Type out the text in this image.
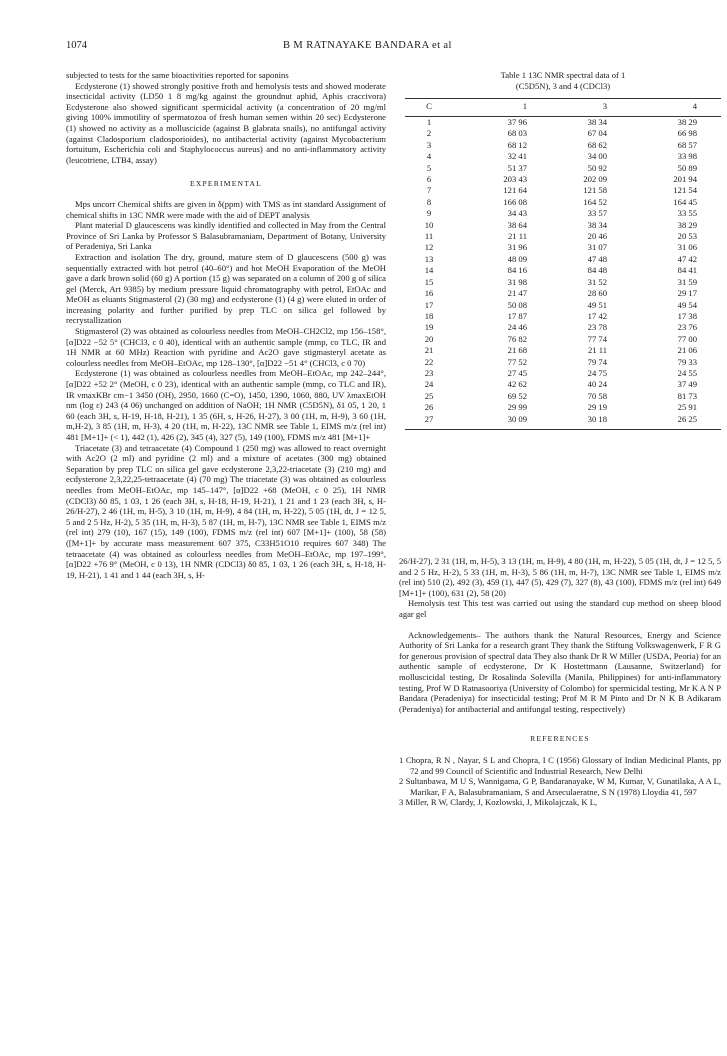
1074	B M RATNAYAKE BANDARA et al

subjected to tests for the same bioactivities reported for saponins

Ecdysterone (1) showed strongly positive froth and hemolysis tests and showed moderate insecticidal activity (LD50 1 8 mg/kg against the groundnut aphid, Aphis craccivora) Ecdysterone also showed significant spermicidal activity (a concentration of 20 mg/ml giving 100% immotility of spermatozoa of fresh human semen within 20 sec) Ecdysterone (1) showed no activity as a molluscicide (against B glabrata snails), no antifungal activity (against Cladosporium cladosporioides), no antibacterial activity (against Mycobacterium fortuitum, Escherichia coli and Staphylococcus aureus) and no anti-inflammatory activity (leucotriene, LTB4, assay)

EXPERIMENTAL

Mps uncorr Chemical shifts are given in δ(ppm) with TMS as int standard Assignment of chemical shifts in 13C NMR were made with the aid of DEPT analysis

Plant material D glaucescens was kindly identified and collected in May from the Central Province of Sri Lanka by Professor S Balasubramaniam, Department of Botany, University of Peradeniya, Sri Lanka

Extraction and isolation The dry, ground, mature stem of D glaucescens (500 g) was sequentially extracted with hot petrol (40–60°) and hot MeOH Evaporation of the MeOH gave a dark brown solid (60 g) A portion (15 g) was separated on a column of 200 g of silica gel (Merck, Art 9385) by medium pressure liquid chromatography with petrol, EtOAc and MeOH as eluants Stigmasterol (2) (30 mg) and ecdysterone (1) (4 g) were eluted in order of increasing polarity and further purified by prep TLC on silica gel followed by recrystallization

Stigmasterol (2) was obtained as colourless needles from MeOH–CH2Cl2, mp 156–158°, [α]D22 −52 5° (CHCl3, c 0 40), identical with an authentic sample (mmp, co TLC, IR and 1H NMR at 60 MHz) Reaction with pyridine and Ac2O gave stigmasteryl acetate as colourless needles from MeOH–EtOAc, mp 128–130°, [α]D22 −51 4° (CHCl3, c 0 70)

Ecdysterone (1) was obtained as colourless needles from MeOH–EtOAc, mp 242–244°, [α]D22 +52 2° (MeOH, c 0 23), identical with an authentic sample (mmp, co TLC and IR), IR νmaxKBr cm−1 3450 (OH), 2950, 1660 (C=O), 1450, 1390, 1060, 880, UV λmaxEtOH nm (log ε) 243 (4 06) unchanged on addition of NaOH; 1H NMR (C5D5N), δ1 05, 1 20, 1 60 (each 3H, s, H-19, H-18, H-21), 1 35 (6H, s, H-26, H-27), 3 00 (1H, m, H-9), 3 60 (1H, m,H-2), 3 85 (1H, m, H-3), 4 20 (1H, m, H-22), 13C NMR see Table 1, EIMS m/z (rel int) 481 [M+1]+ (< 1), 442 (1), 426 (2), 345 (4), 327 (5), 149 (100), FDMS m/z 481 [M+1]+

Triacetate (3) and tetraacetate (4) Compound 1 (250 mg) was allowed to react overnight with Ac2O (2 ml) and pyridine (2 ml) and a mixture of acetates (300 mg) obtained Separation by prep TLC on silica gel gave ecdysterone 2,3,22-triacetate (3) (210 mg) and ecdysterone 2,3,22,25-tetraacetate (4) (70 mg) The triacetate (3) was obtained as colourless needles from MeOH–EtOAc, mp 145–147°, [α]D22 +68 (MeOH, c 0 25), 1H NMR (CDCl3) δ0 85, 1 03, 1 26 (each 3H, s, H-18, H-19, H-21), 1 21 and 1 23 (each 3H, s, H-26/H-27), 2 46 (1H, m, H-5), 3 10 (1H, m, H-9), 4 84 (1H, m, H-22), 5 05 (1H, dt, J = 12 5, 5 and 2 5 Hz, H-2), 5 35 (1H, m, H-3), 5 87 (1H, m, H-7), 13C NMR see Table 1, EIMS m/z (rel int) 279 (10), 167 (15), 149 (100), FDMS m/z (rel int) 607 [M+1]+ (100), 58 (58) ([M+1]+ by accurate mass measurement 607 375, C33H51O10 requires 607 348) The tetraacetate (4) was obtained as colourless needles from MeOH–EtOAc, mp 197–199°, [α]D22 +76 9° (MeOH, c 0 13), 1H NMR (CDCl3) δ0 85, 1 03, 1 26 (each 3H, s, H-18, H-19, H-21), 1 41 and 1 44 (each 3H, s, H-

Table 1 13C NMR spectral data of 1
(C5D5N), 3 and 4 (CDCl3)
C	1	3	4

1	37 96	38 34	38 29
2	68 03	67 04	66 98
3	68 12	68 62	68 57
4	32 41	34 00	33 98
5	51 37	50 92	50 89
6	203 43	202 09	201 94
7	121 64	121 58	121 54
8	166 08	164 52	164 45
9	34 43	33 57	33 55
10	38 64	38 34	38 29
11	21 11	20 46	20 53
12	31 96	31 07	31 06
13	48 09	47 48	47 42
14	84 16	84 48	84 41
15	31 98	31 52	31 59
16	21 47	28 60	29 17
17	50 08	49 51	49 54
18	17 87	17 42	17 38
19	24 46	23 78	23 76
20	76 82	77 74	77 00
21	21 68	21 11	21 06
22	77 52	79 74	79 33
23	27 45	24 75	24 55
24	42 62	40 24	37 49
25	69 52	70 58	81 73
26	29 99	29 19	25 91
27	30 09	30 18	26 25

26/H-27), 2 31 (1H, m, H-5), 3 13 (1H, m, H-9), 4 80 (1H, m, H-22), 5 05 (1H, dt, J = 12 5, 5 and 2 5 Hz, H-2), 5 33 (1H, m, H-3), 5 86 (1H, m, H-7), 13C NMR see Table 1, EIMS m/z (rel int) 510 (2), 492 (3), 459 (1), 447 (5), 429 (7), 327 (8), 43 (100), FDMS m/z (rel int) 649 [M+1]+ (100), 631 (2), 58 (20)

Hemolysis test This test was carried out using the standard cup method on sheep blood agar gel

Acknowledgements– The authors thank the Natural Resources, Energy and Science Authority of Sri Lanka for a research grant They thank the Stiftung Volkswagenwerk, F R G for generous provision of spectral data They also thank Dr R W Miller (USDA, Peoria) for an authentic sample of ecdysterone, Dr K Hostettmann (Lausanne, Switzerland) for molluscicidal testing, Dr Rosalinda Solevilla (Manila, Philippines) for anti-inflammatory testing, Prof W D Ratnasooriya (University of Colombo) for spermicidal testing, Mr K A N P Bandara (Peradeniya) for insecticidal testing; Prof M R M Pinto and Dr N K B Adikaram (Peradeniya) for antibacterial and antifungal testing, respectively)

REFERENCES

1 Chopra, R N , Nayar, S L and Chopra, I C (1956) Glossary of Indian Medicinal Plants, pp 72 and 99 Council of Scientific and Industrial Research, New Delhi

2 Sultanbawa, M U S, Wannigama, G P, Bandaranayake, W M, Kumar, V, Gunatilaka, A A L, Marikar, F A, Balasubramaniam, S and Arseculaeratne, S N (1978) Lloydia 41, 597

3 Miller, R W, Clardy, J, Kozlowski, J, Mikolajczak, K L,
